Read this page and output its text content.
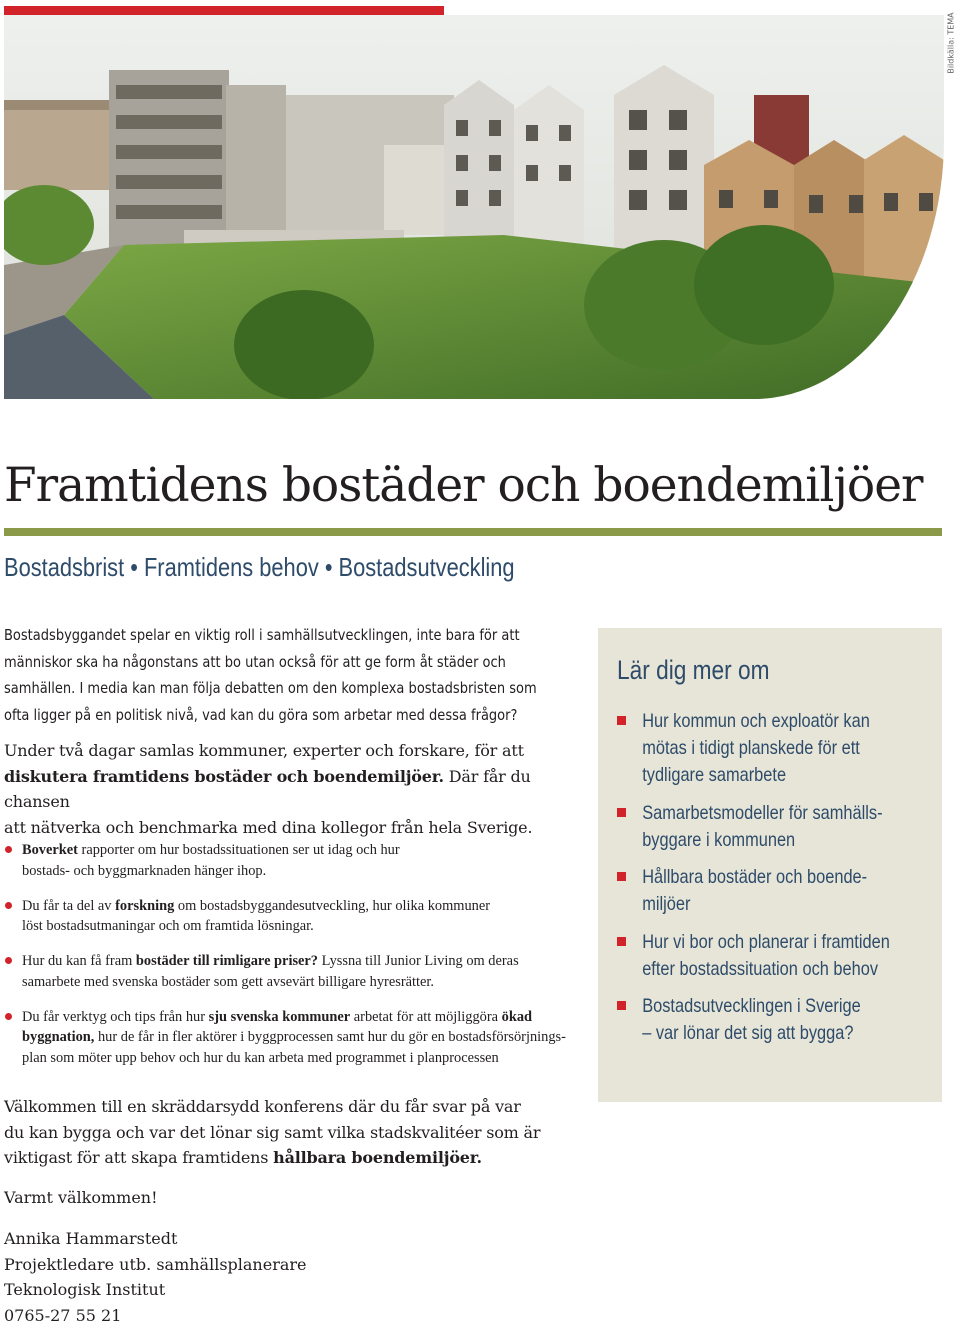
Bildkälla: TEMA
Framtidens bostäder och boendemiljöer
Bostadsbrist • Framtidens behov • Bostadsutveckling

Bostadsbyggandet spelar en viktig roll i samhällsutvecklingen, inte bara för att

människor ska ha någonstans att bo utan också för att ge form åt städer och

samhällen. I media kan man följa debatten om den komplexa bostadsbristen som

ofta ligger på en politisk nivå, vad kan du göra som arbetar med dessa frågor?

Under två dagar samlas kommuner, experter och forskare, för att

diskutera framtidens bostäder och boendemiljöer. Där får du chansen

att nätverka och benchmarka med dina kollegor från hela Sverige.

Boverket rapporter om hur bostadssituationen ser ut idag och hur
bostads- och byggmarknaden hänger ihop.
Du får ta del av forskning om bostadsbyggandesutveckling, hur olika kommuner
löst bostadsutmaningar och om framtida lösningar.
Hur du kan få fram bostäder till rimligare priser? Lyssna till Junior Living om deras
samarbete med svenska bostäder som gett avsevärt billigare hyresrätter.
Du får verktyg och tips från hur sju svenska kommuner arbetat för att möjliggöra ökad
byggnation, hur de får in fler aktörer i byggprocessen samt hur du gör en bostadsförsörjnings-
plan som möter upp behov och hur du kan arbeta med programmet i planprocessen

Välkommen till en skräddarsydd konferens där du får svar på var

du kan bygga och var det lönar sig samt vilka stadskvalitéer som är

viktigast för att skapa framtidens hållbara boendemiljöer.

Varmt välkommen!

Annika Hammarstedt

Projektledare utb. samhällsplanerare

Teknologisk Institut

0765-27 55 21

Lär dig mer om
Hur kommun och exploatör kan
mötas i tidigt planskede för ett
tydligare samarbete
Samarbetsmodeller för samhälls-
byggare i kommunen
Hållbara bostäder och boende-
miljöer
Hur vi bor och planerar i framtiden
efter bostadssituation och behov
Bostadsutvecklingen i Sverige
– var lönar det sig att bygga?
